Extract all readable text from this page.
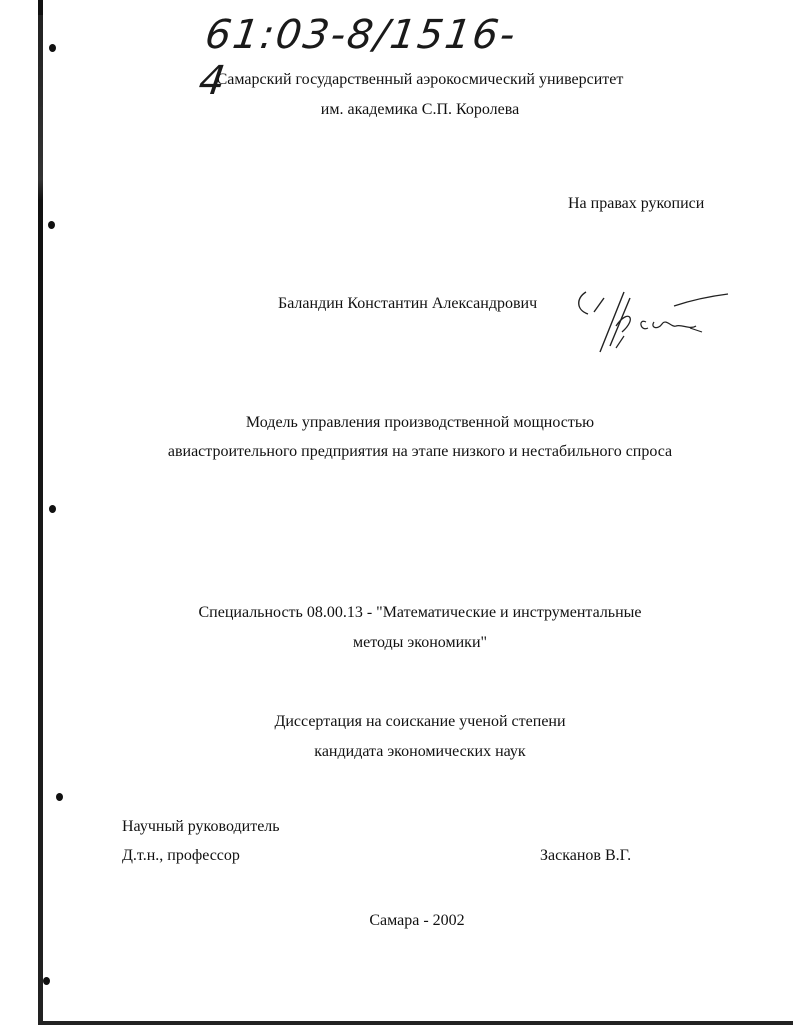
61:03-8/1516-4
Самарский государственный аэрокосмический университет
им. академика С.П. Королева
На правах рукописи
Баландин Константин Александрович
Модель управления производственной мощностью
авиастроительного предприятия на этапе низкого и нестабильного спроса
Специальность 08.00.13 - "Математические и инструментальные
методы экономики"
Диссертация на соискание ученой степени
кандидата экономических наук
Научный руководитель
Д.т.н., профессор	Засканов В.Г.
Самара - 2002
